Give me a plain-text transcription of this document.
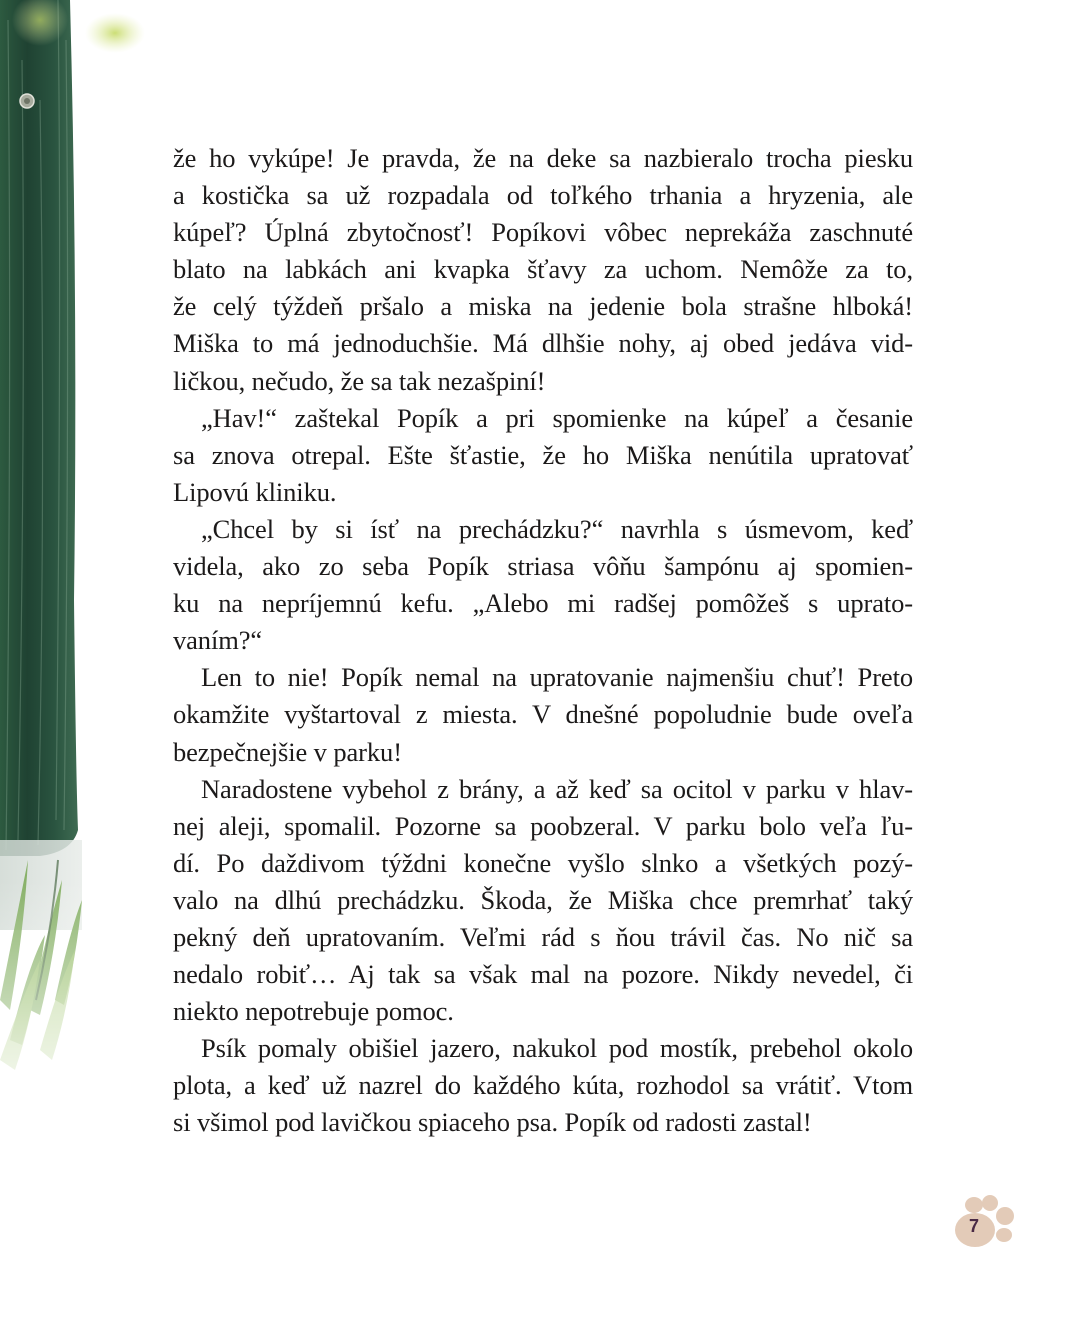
že ho vykúpe! Je pravda, že na deke sa nazbieralo trocha piesku
a kostička sa už rozpadala od toľkého trhania a hryzenia, ale
kúpeľ? Úplná zbytočnosť! Popíkovi vôbec neprekáža zaschnuté
blato na labkách ani kvapka šťavy za uchom. Nemôže za to,
že celý týždeň pršalo a miska na jedenie bola strašne hlboká!
Miška to má jednoduchšie. Má dlhšie nohy, aj obed jedáva vid-
ličkou, nečudo, že sa tak nezašpiní!
„Hav!“ zaštekal Popík a pri spomienke na kúpeľ a česanie
sa znova otrepal. Ešte šťastie, že ho Miška nenútila upratovať
Lipovú kliniku.
„Chcel by si ísť na prechádzku?“ navrhla s úsmevom, keď
videla, ako zo seba Popík striasa vôňu šampónu aj spomien-
ku na nepríjemnú kefu. „Alebo mi radšej pomôžeš s uprato-
vaním?“
Len to nie! Popík nemal na upratovanie najmenšiu chuť! Preto
okamžite vyštartoval z miesta. V dnešné popoludnie bude oveľa
bezpečnejšie v parku!
Naradostene vybehol z brány, a až keď sa ocitol v parku v hlav-
nej aleji, spomalil. Pozorne sa poobzeral. V parku bolo veľa ľu-
dí. Po daždivom týždni konečne vyšlo slnko a všetkých pozý-
valo na dlhú prechádzku. Škoda, že Miška chce premrhať taký
pekný deň upratovaním. Veľmi rád s ňou trávil čas. No nič sa
nedalo robiť… Aj tak sa však mal na pozore. Nikdy nevedel, či
niekto nepotrebuje pomoc.
Psík pomaly obišiel jazero, nakukol pod mostík, prebehol okolo
plota, a keď už nazrel do každého kúta, rozhodol sa vrátiť. Vtom
si všimol pod lavičkou spiaceho psa. Popík od radosti zastal!
7
